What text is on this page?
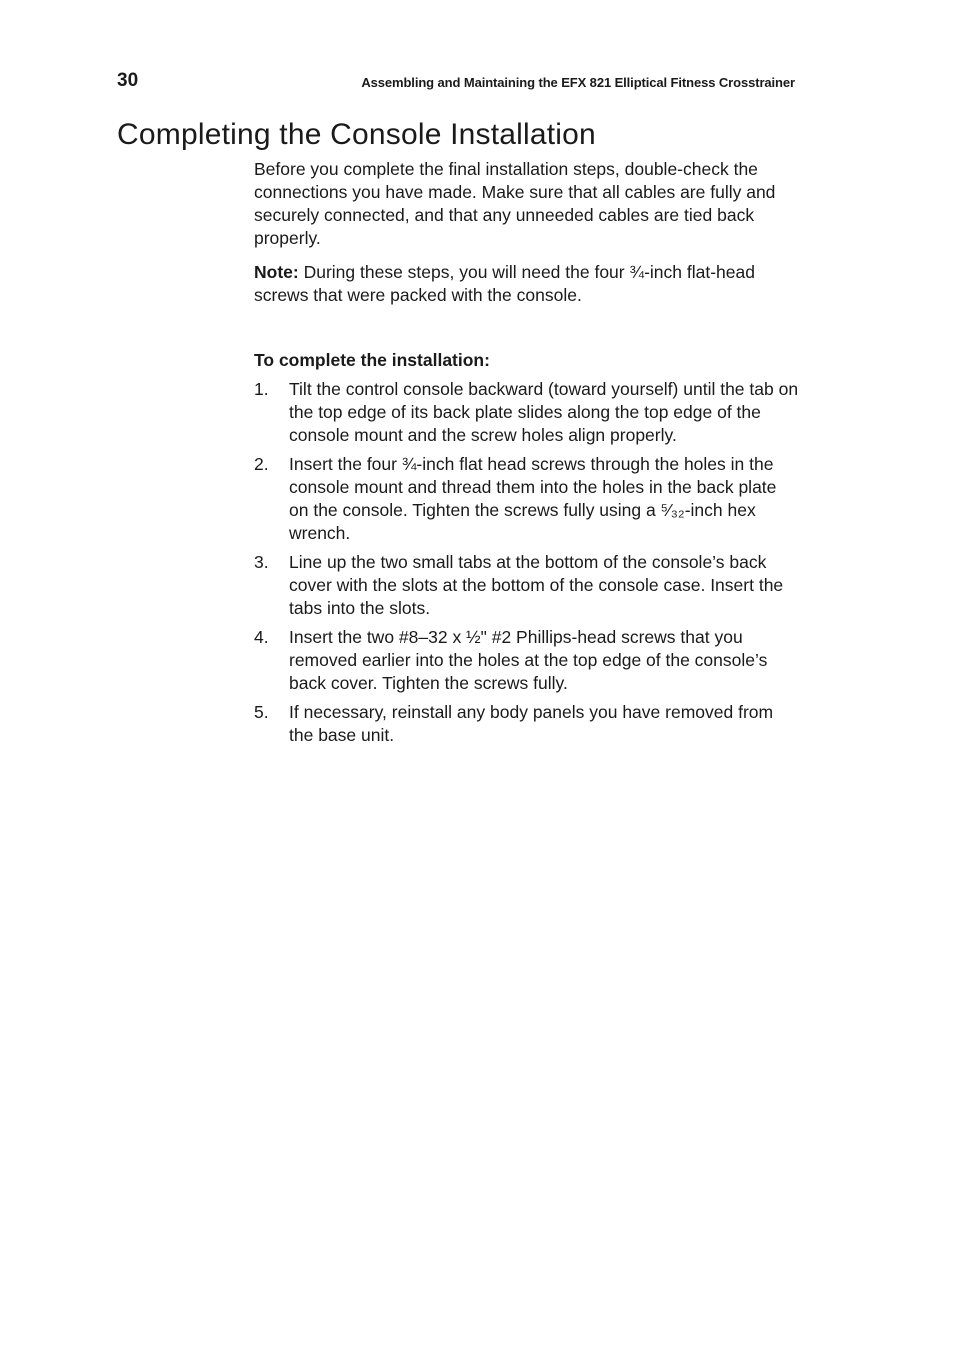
30	Assembling and Maintaining the EFX 821 Elliptical Fitness Crosstrainer
Completing the Console Installation

Before you complete the final installation steps, double-check the connections you have made. Make sure that all cables are fully and securely connected, and that any unneeded cables are tied back properly.

Note: During these steps, you will need the four ¾-inch flat-head screws that were packed with the console.

To complete the installation:
1.	Tilt the control console backward (toward yourself) until the tab on the top edge of its back plate slides along the top edge of the console mount and the screw holes align properly.
2.	Insert the four ¾-inch flat head screws through the holes in the console mount and thread them into the holes in the back plate on the console. Tighten the screws fully using a ⁵⁄₃₂-inch hex wrench.
3.	Line up the two small tabs at the bottom of the console’s back cover with the slots at the bottom of the console case. Insert the tabs into the slots.
4.	Insert the two #8–32 x ½" #2 Phillips-head screws that you removed earlier into the holes at the top edge of the console’s back cover. Tighten the screws fully.
5.	If necessary, reinstall any body panels you have removed from the base unit.
